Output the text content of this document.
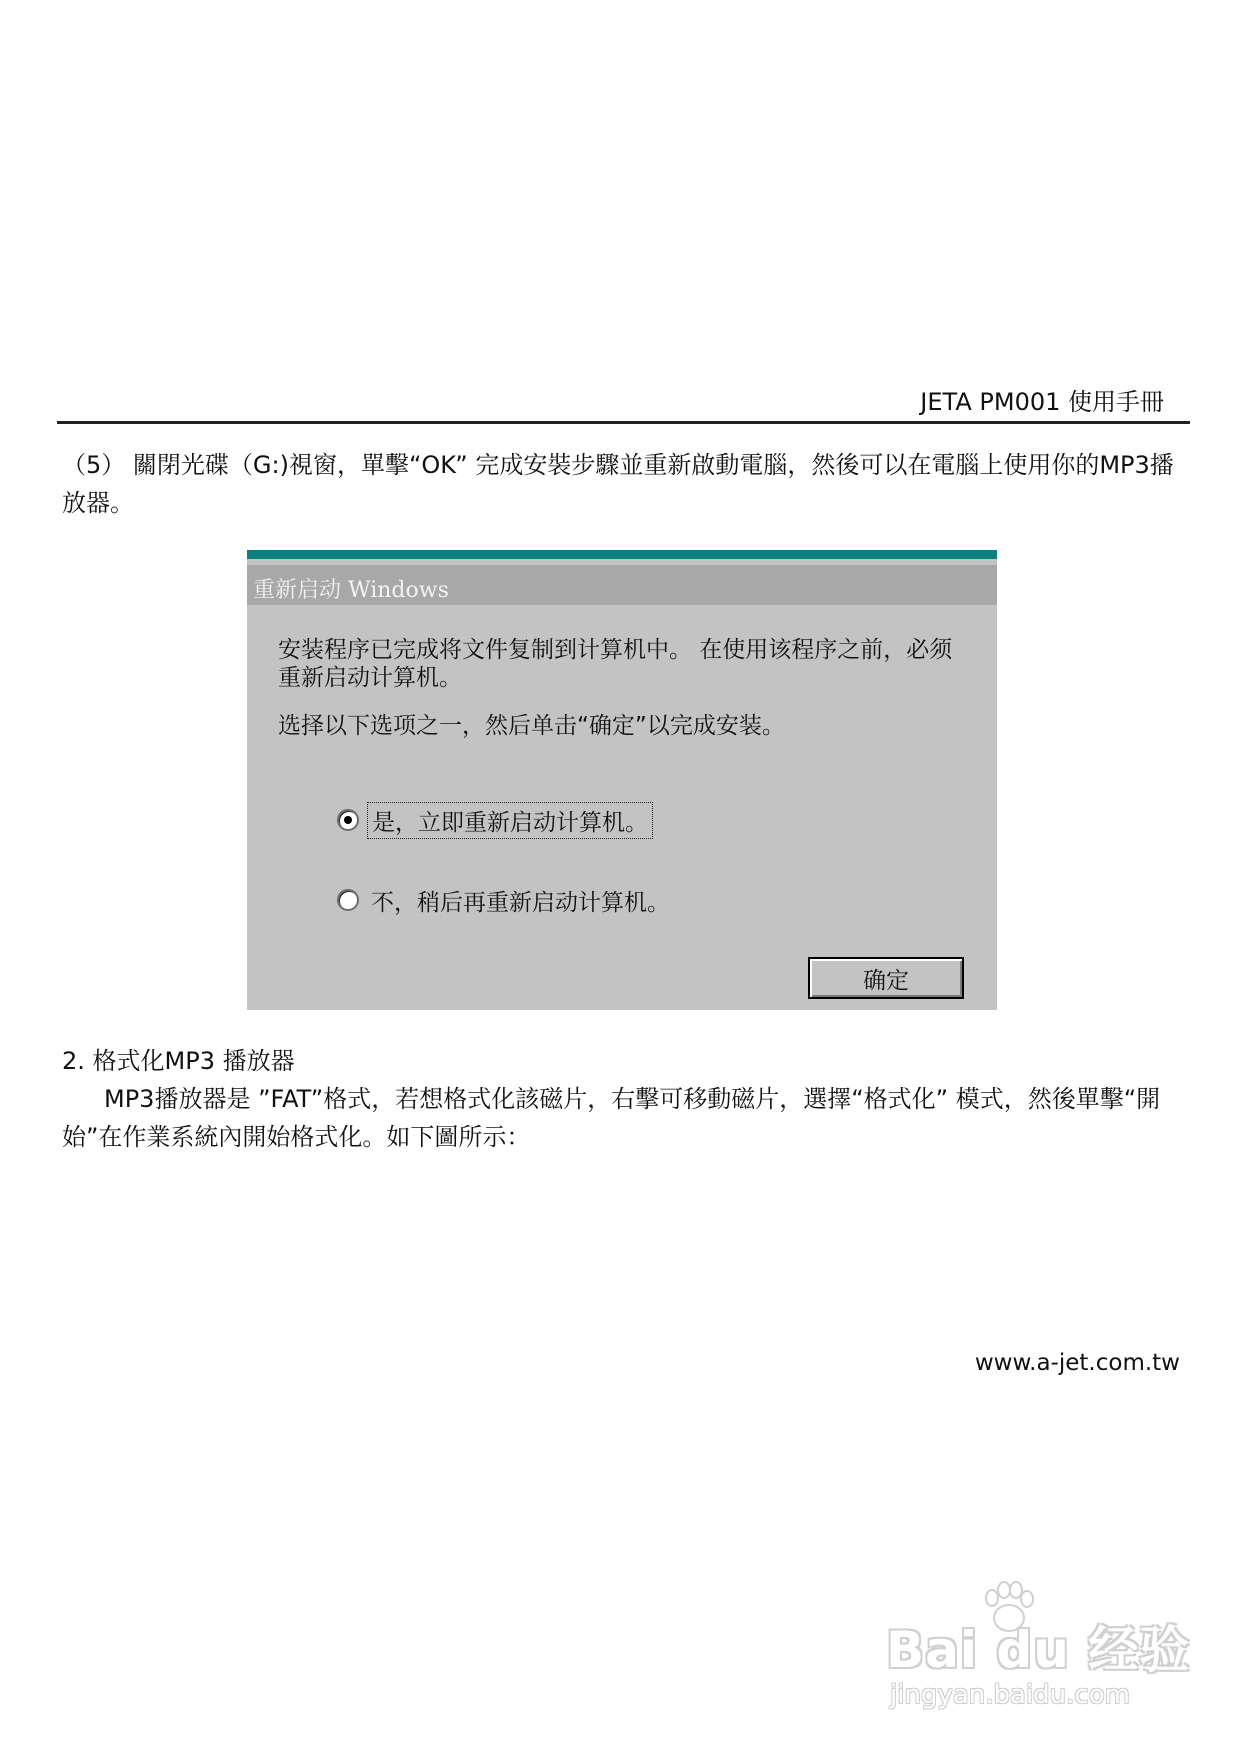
JETA PM001 使用手冊
（5） 關閉光碟（G:)視窗，單擊“OK” 完成安裝步驟並重新啟動電腦，然後可以在電腦上使用你的MP3播放器。
重新启动 Windows
安装程序已完成将文件复制到计算机中。 在使用该程序之前，必须重新启动计算机。
选择以下选项之一，然后单击“确定”以完成安装。
是，立即重新启动计算机。
不，稍后再重新启动计算机。
确定
2. 格式化MP3 播放器
MP3播放器是 ”FAT”格式，若想格式化該磁片，右擊可移動磁片，選擇“格式化” 模式，然後單擊“開始”在作業系統內開始格式化。如下圖所示：
www.a-jet.com.tw
Bai du 经验
jingyan.baidu.com
